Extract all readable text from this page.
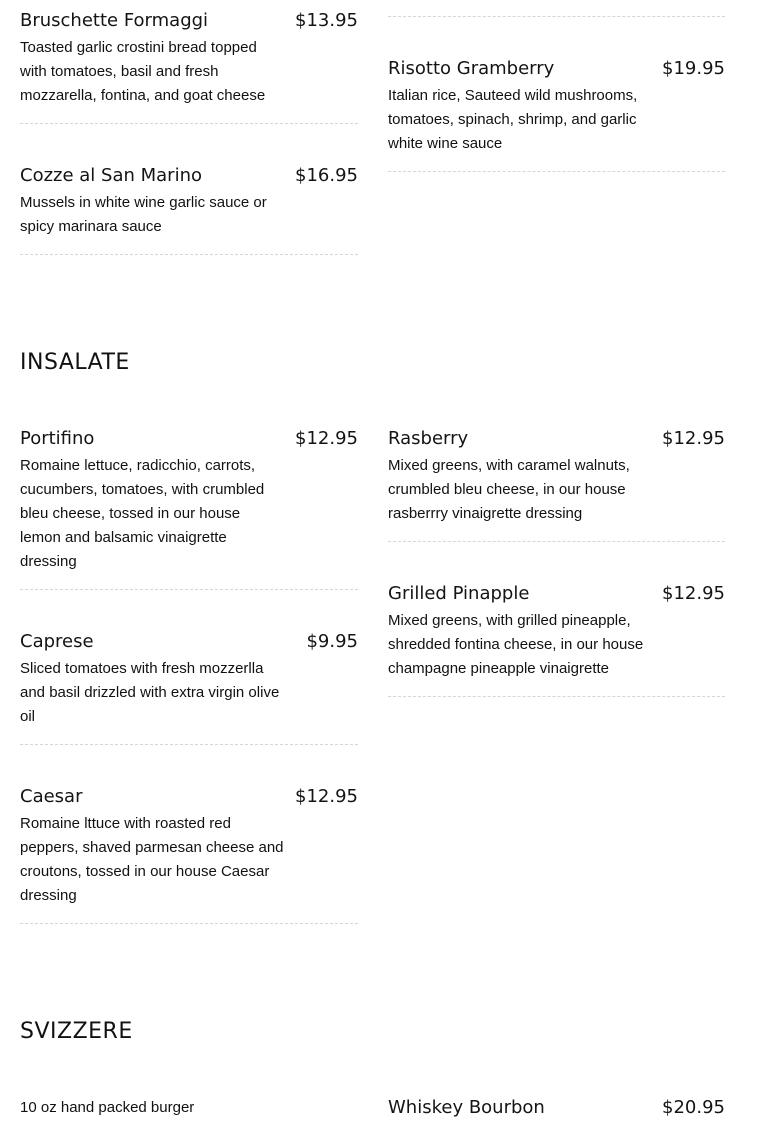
Bruschette Formaggi	$13.95
Toasted garlic crostini bread topped with tomatoes, basil and fresh mozzarella, fontina, and goat cheese
Cozze al San Marino	$16.95
Mussels in white wine garlic sauce or spicy marinara sauce
Risotto Gramberry	$19.95
Italian rice, Sauteed wild mushrooms, tomatoes, spinach, shrimp, and garlic white wine sauce
INSALATE
Portifino	$12.95
Romaine lettuce, radicchio, carrots, cucumbers, tomatoes, with crumbled bleu cheese, tossed in our house lemon and balsamic vinaigrette dressing
Caprese	$9.95
Sliced tomatoes with fresh mozzerlla and basil drizzled with extra virgin olive oil
Caesar	$12.95
Romaine lttuce with roasted red peppers, shaved parmesan cheese and croutons, tossed in our house Caesar dressing
Rasberry	$12.95
Mixed greens, with caramel walnuts, crumbled bleu cheese, in our house rasberrry vinaigrette dressing
Grilled Pinapple	$12.95
Mixed greens, with grilled pineapple, shredded fontina cheese, in our house champagne pineapple vinaigrette
SVIZZERE
10 oz hand packed burger	Whiskey Bourbon	$20.95
